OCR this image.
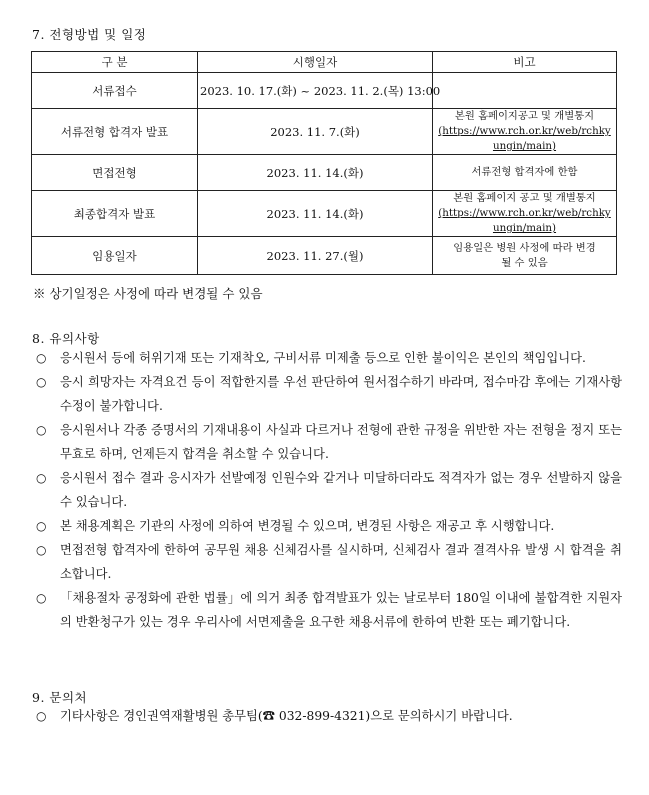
7. 전형방법 및 일정
구 분	시행일자	비고
서류접수	2023. 10. 17.(화) ~ 2023. 11. 2.(목) 13:00	
서류전형 합격자 발표	2023. 11. 7.(화)	본원 홈페이지공고 및 개별통지
(https://www.rch.or.kr/web/rchkyungin/main)

면접전형	2023. 11. 14.(화)	서류전형 합격자에 한함
최종합격자 발표	2023. 11. 14.(화)	본원 홈페이지 공고 및 개별통지
(https://www.rch.or.kr/web/rchkyungin/main)

임용일자	2023. 11. 27.(월)	임용일은 병원 사정에 따라 변경될 수 있음
※ 상기일정은 사정에 따라 변경될 수 있음
8. 유의사항
○ 응시원서 등에 허위기재 또는 기재착오, 구비서류 미제출 등으로 인한 불이익은 본인의 책임입니다.
○ 응시 희망자는 자격요건 등이 적합한지를 우선 판단하여 원서접수하기 바라며, 접수마감 후에는 기재사항 수정이 불가합니다.
○ 응시원서나 각종 증명서의 기재내용이 사실과 다르거나 전형에 관한 규정을 위반한 자는 전형을 정지 또는 무효로 하며, 언제든지 합격을 취소할 수 있습니다.
○ 응시원서 접수 결과 응시자가 선발예정 인원수와 같거나 미달하더라도 적격자가 없는 경우 선발하지 않을 수 있습니다.
○ 본 채용계획은 기관의 사정에 의하여 변경될 수 있으며, 변경된 사항은 재공고 후 시행합니다.
○ 면접전형 합격자에 한하여 공무원 채용 신체검사를 실시하며, 신체검사 결과 결격사유 발생 시 합격을 취소합니다.
○ 「채용절차 공정화에 관한 법률」에 의거 최종 합격발표가 있는 날로부터 180일 이내에 불합격한 지원자의 반환청구가 있는 경우 우리사에 서면제출을 요구한 채용서류에 한하여 반환 또는 폐기합니다.
9. 문의처
○ 기타사항은 경인권역재활병원 총무팀(☎ 032-899-4321)으로 문의하시기 바랍니다.
